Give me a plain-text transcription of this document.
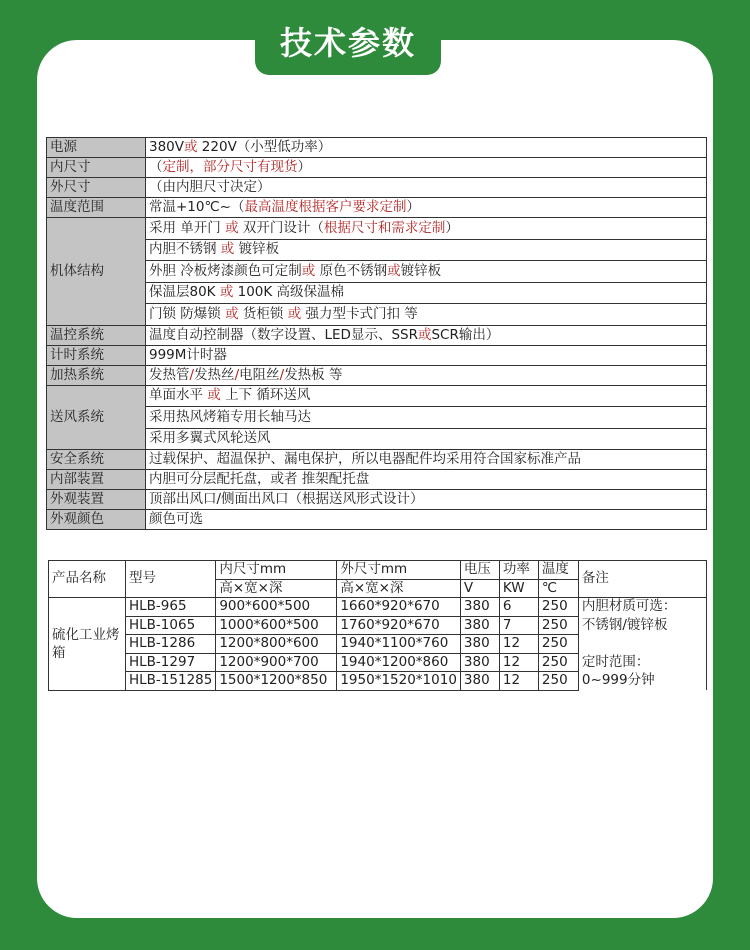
技术参数
电源	380V或 220V（小型低功率）
内尺寸	（定制，部分尺寸有现货）
外尺寸	（由内胆尺寸决定）
温度范围	常温+10℃~（最高温度根据客户要求定制）
机体结构	采用 单开门 或 双开门设计（根据尺寸和需求定制）
	内胆不锈钢 或 镀锌板
	外胆 冷板烤漆颜色可定制或 原色不锈钢或镀锌板
	保温层80K 或 100K 高级保温棉
	门锁 防爆锁 或 货柜锁 或 强力型卡式门扣 等
温控系统	温度自动控制器（数字设置、LED显示、SSR或SCR输出）
计时系统	999M计时器
加热系统	发热管/发热丝/电阻丝/发热板 等
送风系统	单面水平 或 上下 循环送风
	采用热风烤箱专用长轴马达
	采用多翼式风轮送风
安全系统	过载保护、超温保护、漏电保护，所以电器配件均采用符合国家标准产品
内部装置	内胆可分层配托盘，或者 推架配托盘
外观装置	顶部出风口/侧面出风口（根据送风形式设计）
外观颜色	颜色可选
产品名称	型号	内尺寸mm	外尺寸mm	电压	功率	温度	备注
		高×宽×深	高×宽×深	V	KW	℃	
硫化工业烤 箱	HLB-965	900*600*500	1660*920*670	380	6	250	内胆材质可选：
	HLB-1065	1000*600*500	1760*920*670	380	7	250	不锈钢/镀锌板
	HLB-1286	1200*800*600	1940*1100*760	380	12	250	
	HLB-1297	1200*900*700	1940*1200*860	380	12	250	定时范围：
	HLB-151285	1500*1200*850	1950*1520*1010	380	12	250	0~999分钟
